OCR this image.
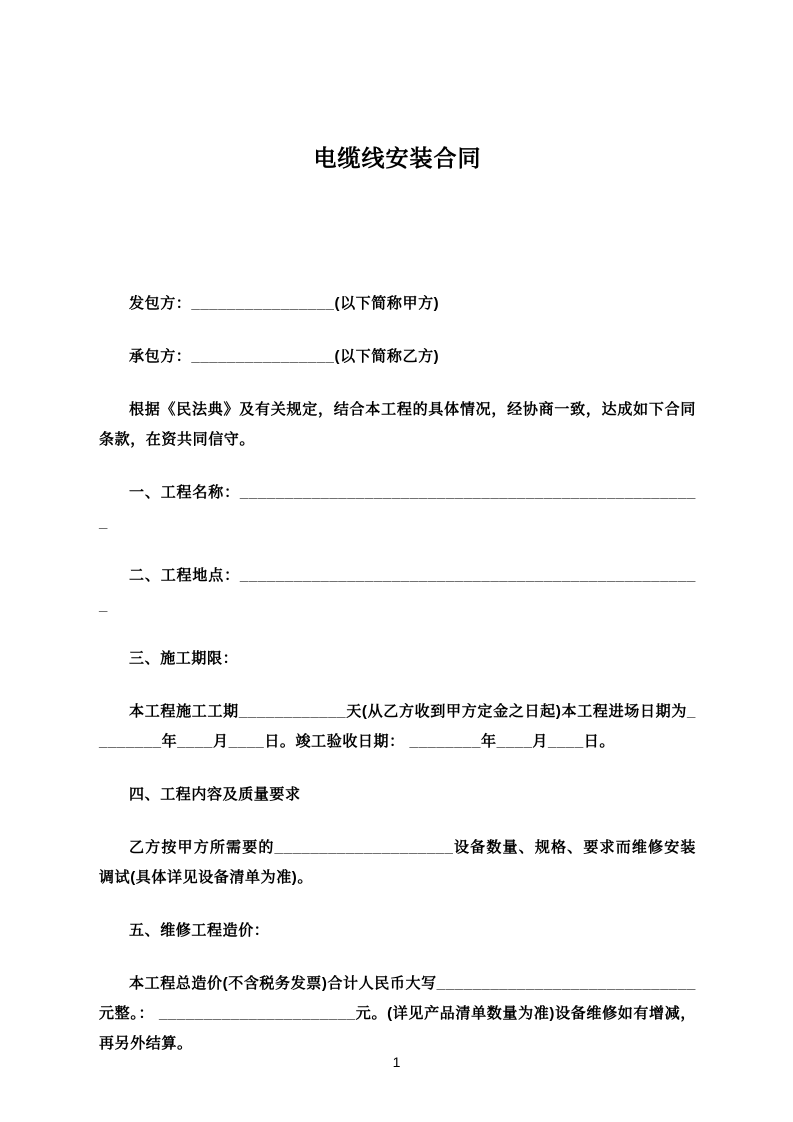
电缆线安装合同

发包方：________________(以下简称甲方)

承包方：________________(以下简称乙方)

根据《民法典》及有关规定，结合本工程的具体情况，经协商一致，达成如下合同条款，在资共同信守。

一、工程名称：____________________________________________________

二、工程地点：____________________________________________________

三、施工期限：

本工程施工工期____________天(从乙方收到甲方定金之日起)本工程进场日期为________年____月____日。竣工验收日期： ________年____月____日。

四、工程内容及质量要求

乙方按甲方所需要的____________________设备数量、规格、要求而维修安装调试(具体详见设备清单为准)。

五、维修工程造价：

本工程总造价(不含税务发票)合计人民币大写_____________________________元整。： ______________________元。(详见产品清单数量为准)设备维修如有增减，再另外结算。

1
